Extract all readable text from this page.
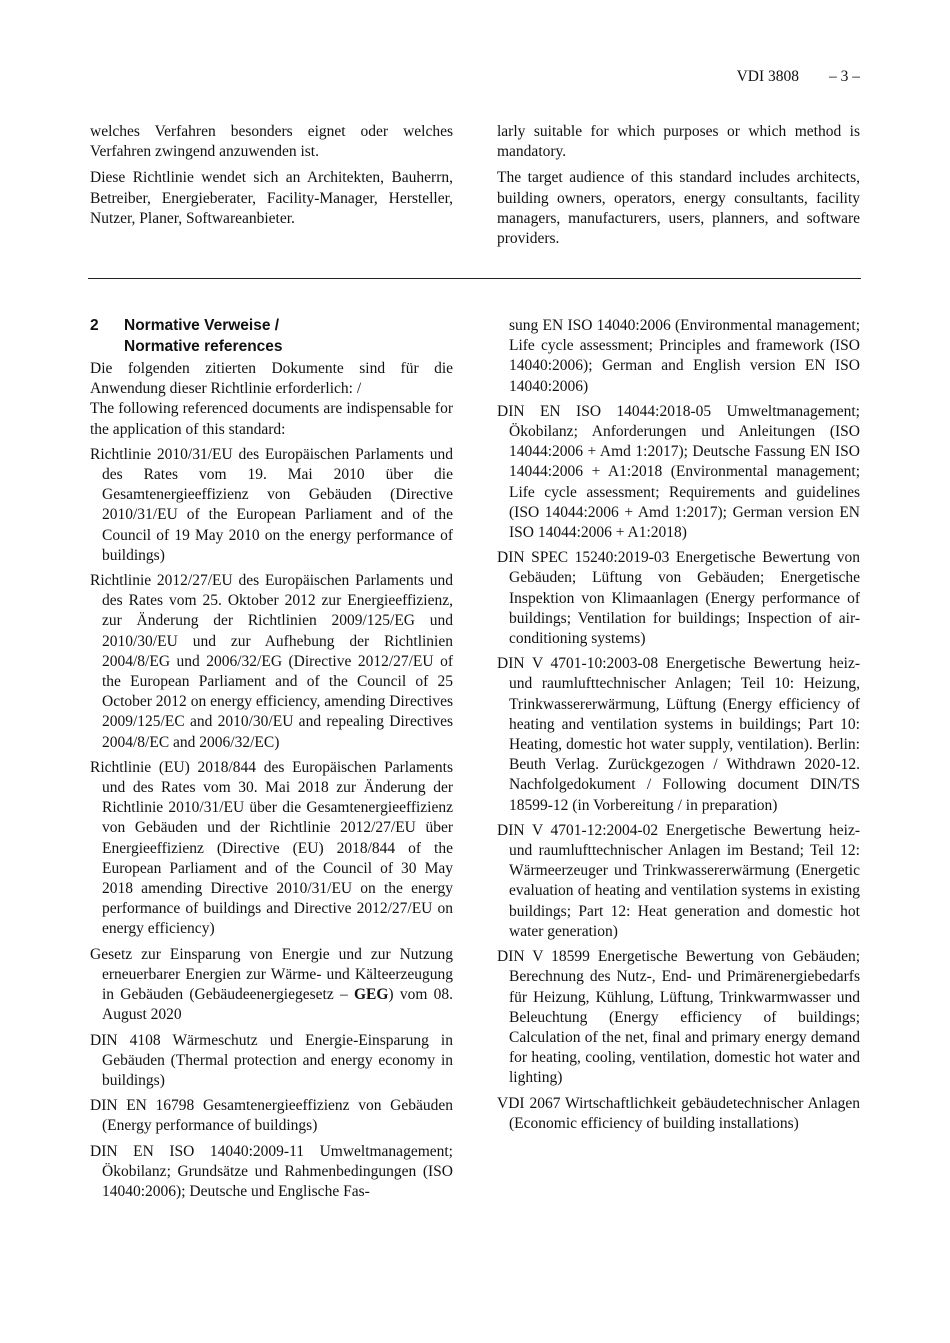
VDI 3808 – 3 –

welches Verfahren besonders eignet oder welches Verfahren zwingend anzuwenden ist.

Diese Richtlinie wendet sich an Architekten, Bauherrn, Betreiber, Energieberater, Facility-Manager, Hersteller, Nutzer, Planer, Softwareanbieter.

larly suitable for which purposes or which method is mandatory.

The target audience of this standard includes architects, building owners, operators, energy consultants, facility managers, manufacturers, users, planners, and software providers.

2	Normative Verweise /
Normative references

Die folgenden zitierten Dokumente sind für die Anwendung dieser Richtlinie erforderlich: /

The following referenced documents are indispensable for the application of this standard:

Richtlinie 2010/31/EU des Europäischen Parlaments und des Rates vom 19. Mai 2010 über die Gesamtenergieeffizienz von Gebäuden (Directive 2010/31/EU of the European Parliament and of the Council of 19 May 2010 on the energy performance of buildings)

Richtlinie 2012/27/EU des Europäischen Parlaments und des Rates vom 25. Oktober 2012 zur Energieeffizienz, zur Änderung der Richtlinien 2009/125/EG und 2010/30/EU und zur Aufhebung der Richtlinien 2004/8/EG und 2006/32/EG (Directive 2012/27/EU of the European Parliament and of the Council of 25 October 2012 on energy efficiency, amending Directives 2009/125/EC and 2010/30/EU and repealing Directives 2004/8/EC and 2006/32/EC)

Richtlinie (EU) 2018/844 des Europäischen Parlaments und des Rates vom 30. Mai 2018 zur Änderung der Richtlinie 2010/31/EU über die Gesamtenergieeffizienz von Gebäuden und der Richtlinie 2012/27/EU über Energieeffizienz (Directive (EU) 2018/844 of the European Parliament and of the Council of 30 May 2018 amending Directive 2010/31/EU on the energy performance of buildings and Directive 2012/27/EU on energy efficiency)

Gesetz zur Einsparung von Energie und zur Nutzung erneuerbarer Energien zur Wärme- und Kälteerzeugung in Gebäuden (Gebäudeenergiegesetz – GEG) vom 08. August 2020

DIN 4108 Wärmeschutz und Energie-Einsparung in Gebäuden (Thermal protection and energy economy in buildings)

DIN EN 16798 Gesamtenergieeffizienz von Gebäuden (Energy performance of buildings)

DIN EN ISO 14040:2009-11 Umweltmanagement; Ökobilanz; Grundsätze und Rahmenbedingungen (ISO 14040:2006); Deutsche und Englische Fas-

sung EN ISO 14040:2006 (Environmental management; Life cycle assessment; Principles and framework (ISO 14040:2006); German and English version EN ISO 14040:2006)

DIN EN ISO 14044:2018-05 Umweltmanagement; Ökobilanz; Anforderungen und Anleitungen (ISO 14044:2006 + Amd 1:2017); Deutsche Fassung EN ISO 14044:2006 + A1:2018 (Environmental management; Life cycle assessment; Requirements and guidelines (ISO 14044:2006 + Amd 1:2017); German version EN ISO 14044:2006 + A1:2018)

DIN SPEC 15240:2019-03 Energetische Bewertung von Gebäuden; Lüftung von Gebäuden; Energetische Inspektion von Klimaanlagen (Energy performance of buildings; Ventilation for buildings; Inspection of air-conditioning systems)

DIN V 4701-10:2003-08 Energetische Bewertung heiz- und raumlufttechnischer Anlagen; Teil 10: Heizung, Trinkwassererwärmung, Lüftung (Energy efficiency of heating and ventilation systems in buildings; Part 10: Heating, domestic hot water supply, ventilation). Berlin: Beuth Verlag. Zurückgezogen / Withdrawn 2020-12. Nachfolgedokument / Following document DIN/TS 18599-12 (in Vorbereitung / in preparation)

DIN V 4701-12:2004-02 Energetische Bewertung heiz- und raumlufttechnischer Anlagen im Bestand; Teil 12: Wärmeerzeuger und Trinkwassererwärmung (Energetic evaluation of heating and ventilation systems in existing buildings; Part 12: Heat generation and domestic hot water generation)

DIN V 18599 Energetische Bewertung von Gebäuden; Berechnung des Nutz-, End- und Primärenergiebedarfs für Heizung, Kühlung, Lüftung, Trinkwarmwasser und Beleuchtung (Energy efficiency of buildings; Calculation of the net, final and primary energy demand for heating, cooling, ventilation, domestic hot water and lighting)

VDI 2067 Wirtschaftlichkeit gebäudetechnischer Anlagen (Economic efficiency of building installations)
